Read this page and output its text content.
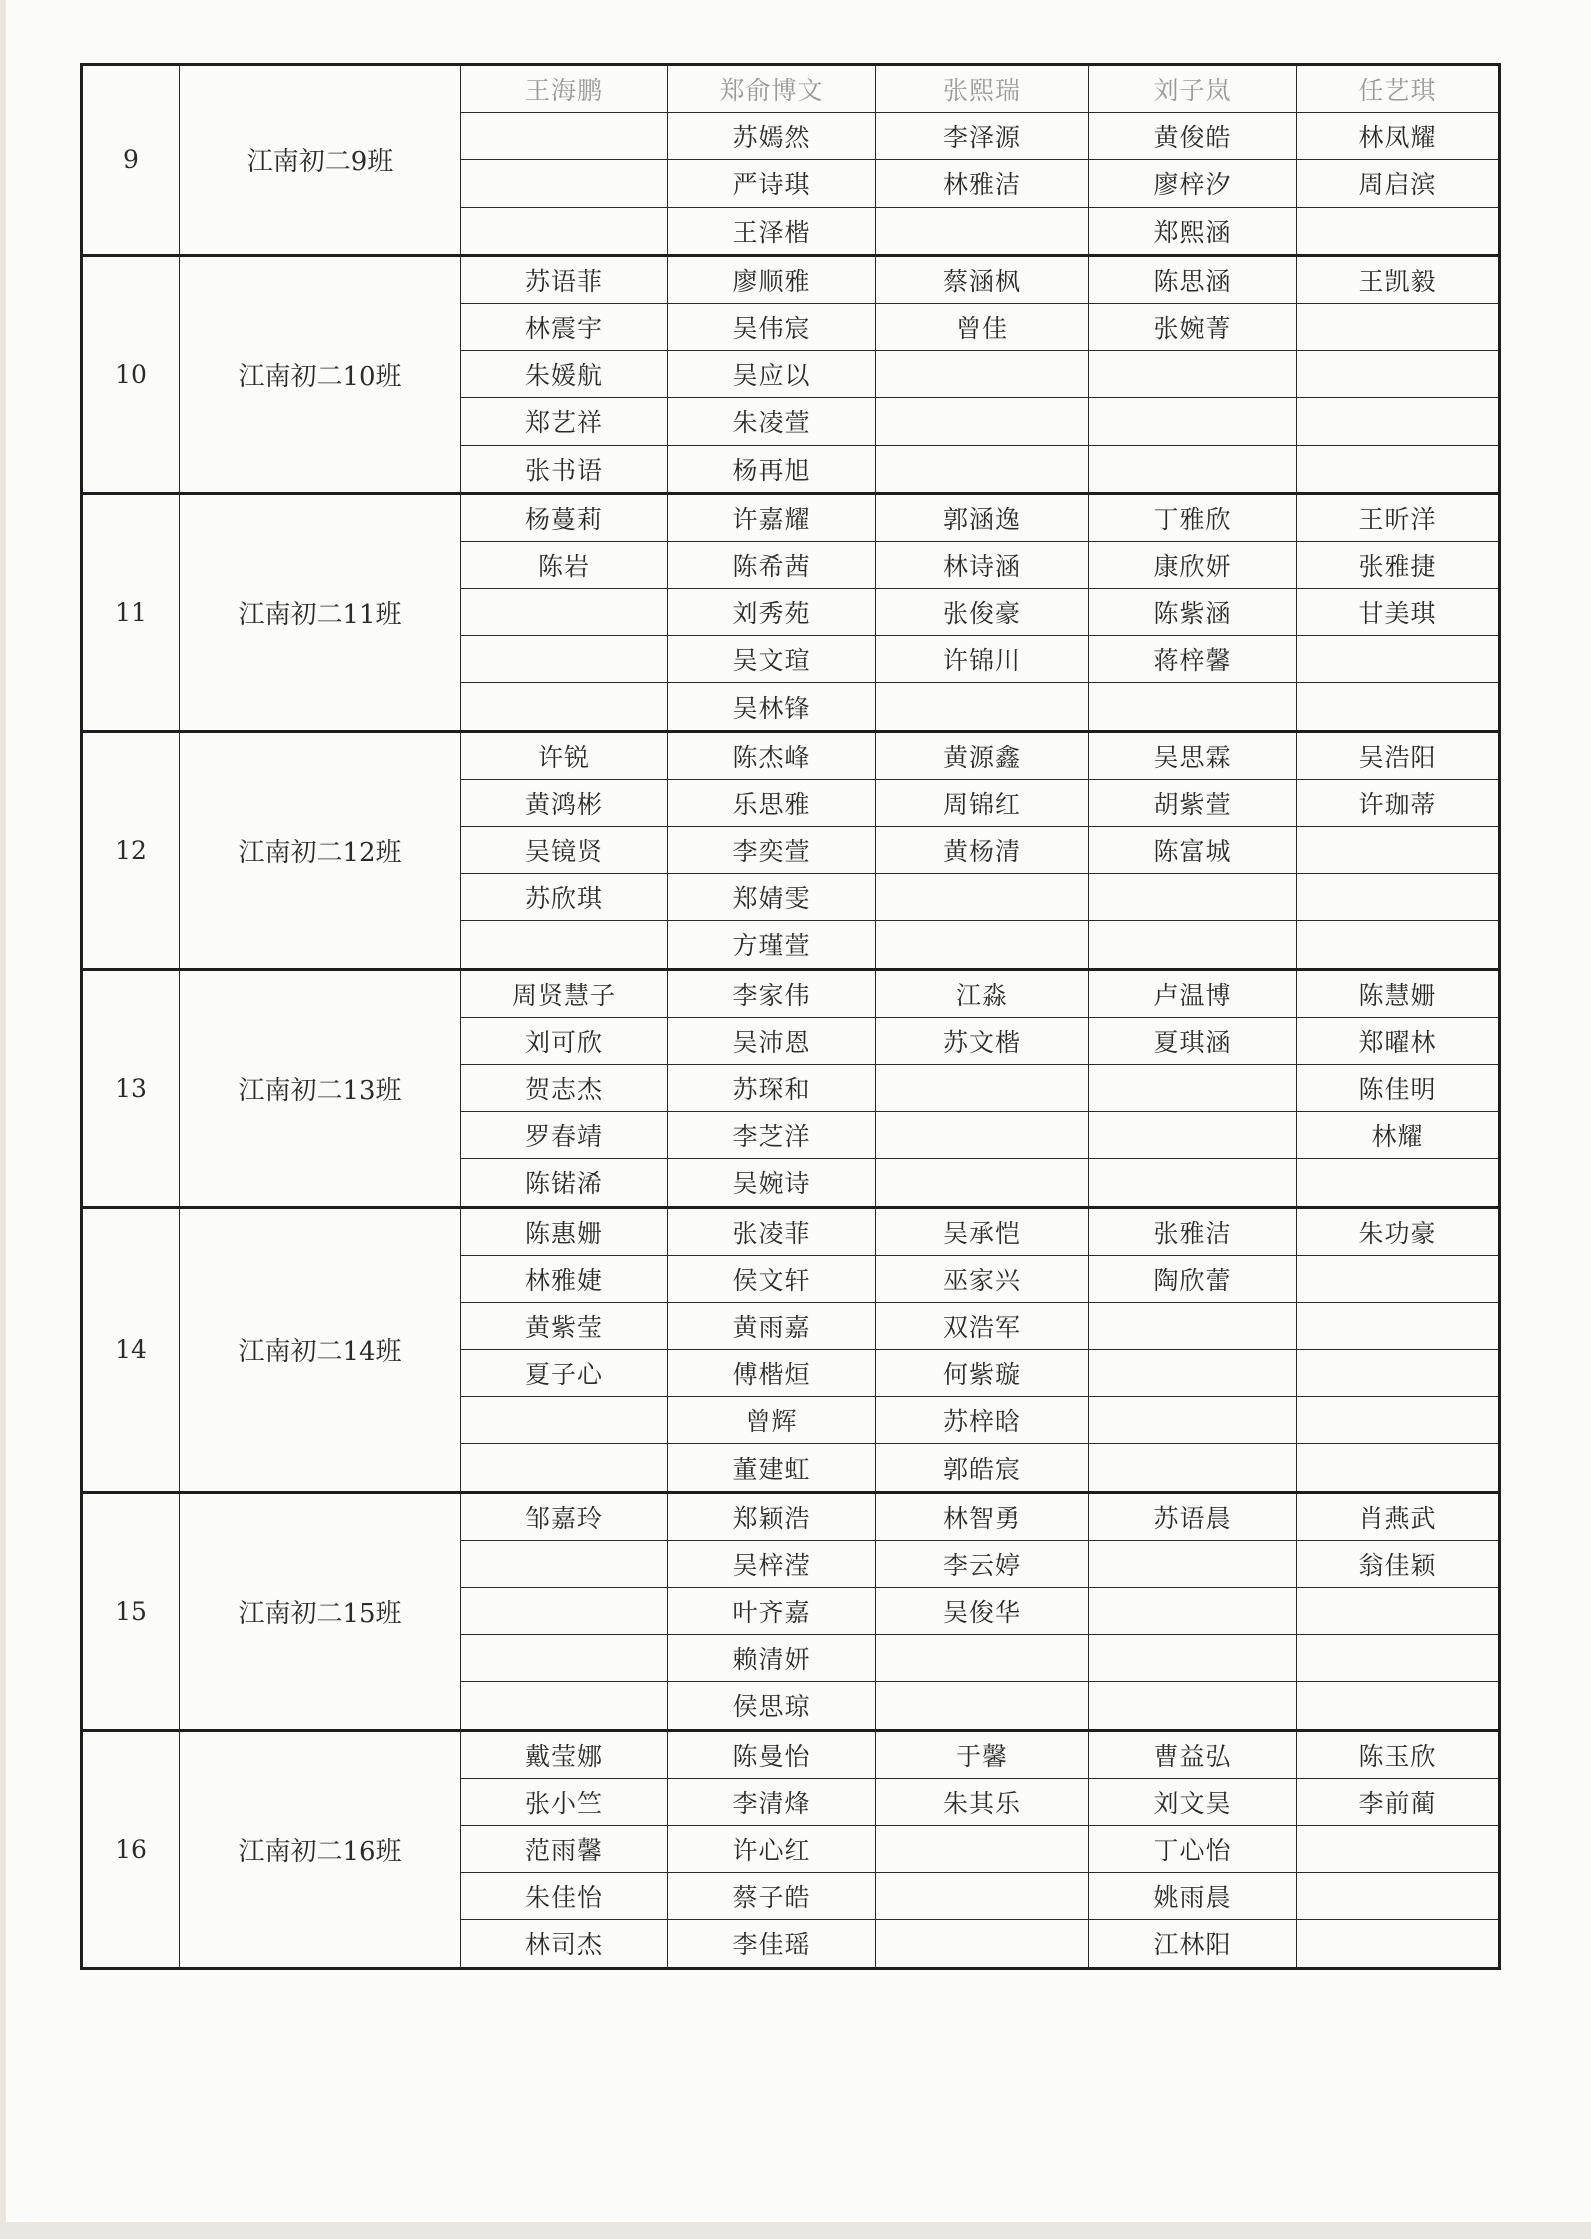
9	江南初二9班	王海鹏	郑俞博文	张熙瑞	刘子岚	任艺琪
			苏嫣然	李泽源	黄俊皓	林凤耀
			严诗琪	林雅洁	廖梓汐	周启滨
			王泽楷		郑熙涵	
10	江南初二10班	苏语菲	廖顺雅	蔡涵枫	陈思涵	王凯毅
		林震宇	吴伟宸	曾佳	张婉菁	
		朱媛航	吴应以			
		郑艺祥	朱凌萱			
		张书语	杨再旭			
11	江南初二11班	杨蔓莉	许嘉耀	郭涵逸	丁雅欣	王昕洋
		陈岩	陈希茜	林诗涵	康欣妍	张雅捷
			刘秀苑	张俊豪	陈紫涵	甘美琪
			吴文瑄	许锦川	蒋梓馨	
			吴林锋			
12	江南初二12班	许锐	陈杰峰	黄源鑫	吴思霖	吴浩阳
		黄鸿彬	乐思雅	周锦红	胡紫萱	许珈蒂
		吴镜贤	李奕萱	黄杨清	陈富城	
		苏欣琪	郑婧雯			
			方瑾萱			
13	江南初二13班	周贤慧子	李家伟	江淼	卢温博	陈慧姗
		刘可欣	吴沛恩	苏文楷	夏琪涵	郑曜林
		贺志杰	苏琛和			陈佳明
		罗春靖	李芝洋			林耀
		陈锘浠	吴婉诗			
14	江南初二14班	陈惠姗	张凌菲	吴承恺	张雅洁	朱功豪
		林雅婕	侯文轩	巫家兴	陶欣蕾	
		黄紫莹	黄雨嘉	双浩军		
		夏子心	傅楷烜	何紫璇		
			曾辉	苏梓晗		
			董建虹	郭皓宸		
15	江南初二15班	邹嘉玲	郑颖浩	林智勇	苏语晨	肖燕武
			吴梓滢	李云婷		翁佳颖
			叶齐嘉	吴俊华		
			赖清妍			
			侯思琼			
16	江南初二16班	戴莹娜	陈曼怡	于馨	曹益弘	陈玉欣
		张小竺	李清烽	朱其乐	刘文昊	李前蔺
		范雨馨	许心红		丁心怡	
		朱佳怡	蔡子皓		姚雨晨	
		林司杰	李佳瑶		江林阳	
